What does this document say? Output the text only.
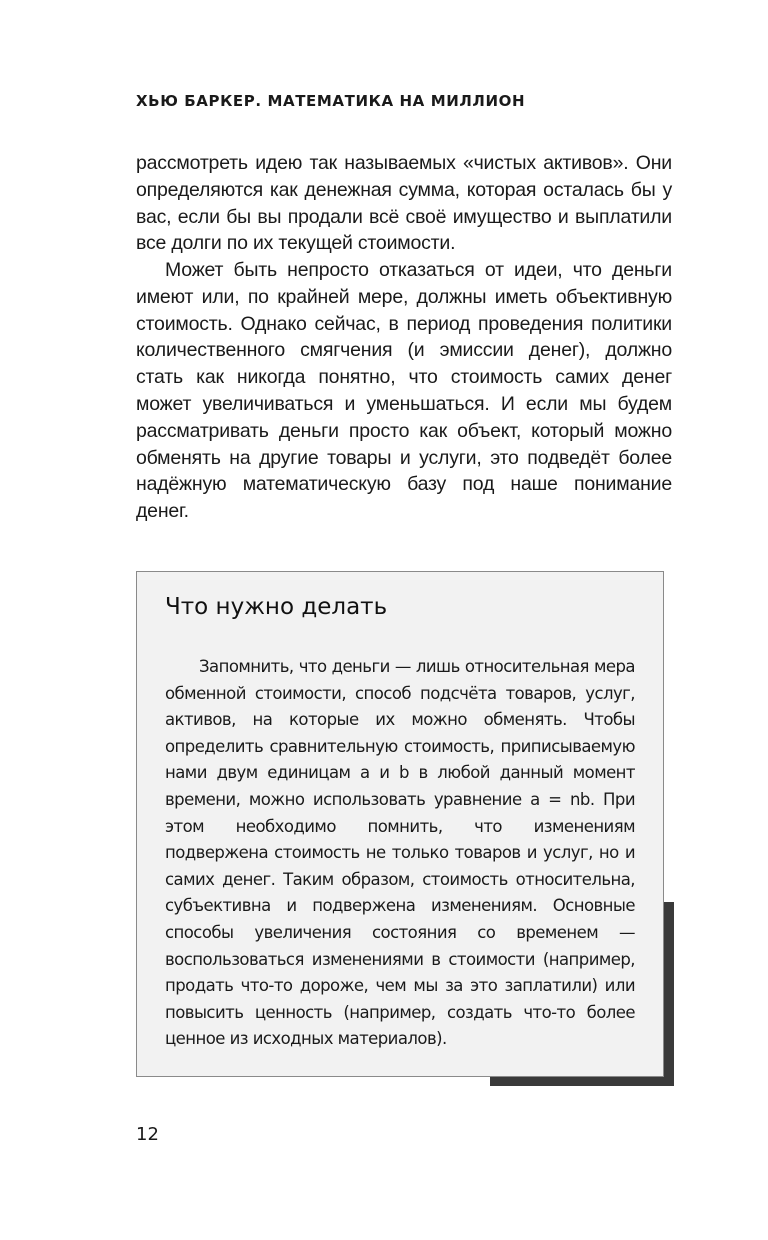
ХЬЮ БАРКЕР. МАТЕМАТИКА НА МИЛЛИОН

рассмотреть идею так называемых «чистых активов». Они определяются как денежная сумма, которая осталась бы у вас, если бы вы продали всё своё имущество и выплатили все долги по их текущей стоимости.

Может быть непросто отказаться от идеи, что деньги имеют или, по крайней мере, должны иметь объективную стоимость. Однако сейчас, в период проведения политики количественного смягчения (и эмиссии денег), должно стать как никогда понятно, что стоимость самих денег может увеличиваться и уменьшаться. И если мы будем рассматривать деньги просто как объект, который можно обменять на другие товары и услуги, это подведёт более надёжную математическую базу под наше понимание денег.

Что нужно делать

Запомнить, что деньги — лишь относительная мера обменной стоимости, способ подсчёта товаров, услуг, активов, на которые их можно обменять. Чтобы определить сравнительную стоимость, приписываемую нами двум единицам a и b в любой данный момент времени, можно использовать уравнение a = nb. При этом необходимо помнить, что изменениям подвержена стоимость не только товаров и услуг, но и самих денег. Таким образом, стоимость относительна, субъективна и подвержена изменениям. Основные способы увеличения состояния со временем — воспользоваться изменениями в стоимости (например, продать что-то дороже, чем мы за это заплатили) или повысить ценность (например, создать что-то более ценное из исходных материалов).

12
